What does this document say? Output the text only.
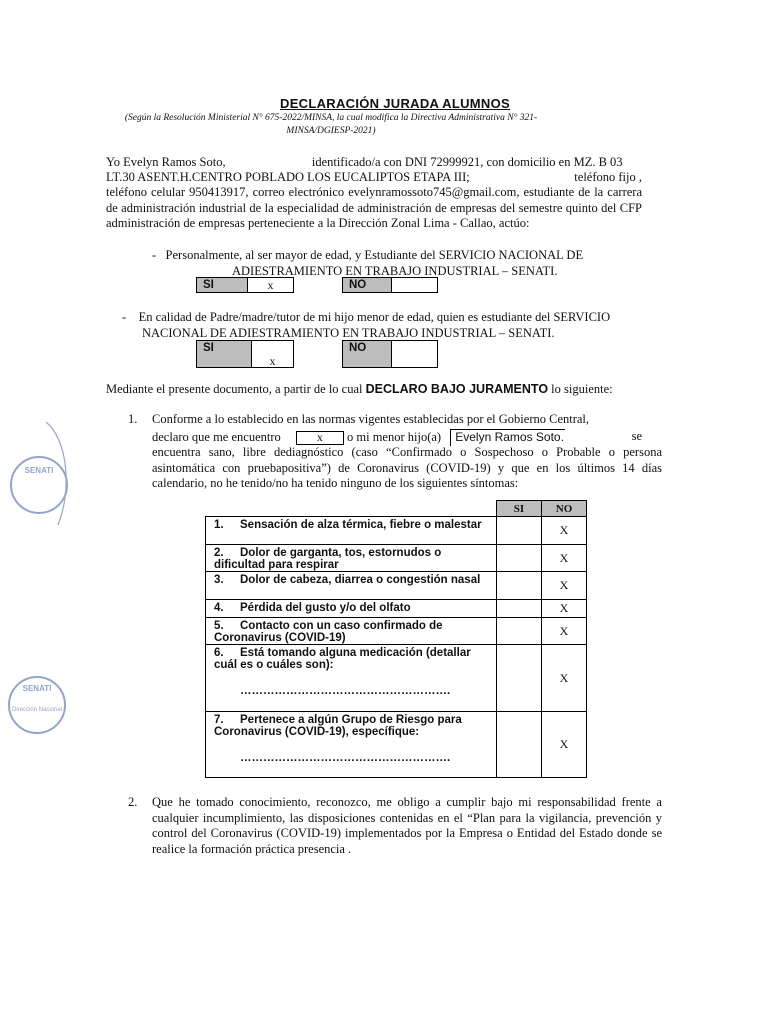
DECLARACIÓN JURADA ALUMNOS
(Según la Resolución Ministerial N° 675-2022/MINSA, la cual modifica la Directiva Administrativa N° 321-MINSA/DGIESP-2021)
Yo Evelyn Ramos Soto,	identificado/a con DNI 72999921, con domicilio en MZ. B 03
LT.30 ASENT.H.CENTRO POBLADO LOS EUCALIPTOS ETAPA III;	teléfono fijo ,
teléfono celular 950413917, correo electrónico evelynramossoto745@gmail.com, estudiante de la carrera de administración industrial de la especialidad de administración de empresas del semestre quinto del CFP administración de empresas perteneciente a la Dirección Zonal Lima - Callao, actúo:
- Personalmente, al ser mayor de edad, y Estudiante del SERVICIO NACIONAL DE
ADIESTRAMIENTO EN TRABAJO INDUSTRIAL – SENATI.
SI	x	NO
- En calidad de Padre/madre/tutor de mi hijo menor de edad, quien es estudiante del SERVICIO
NACIONAL DE ADIESTRAMIENTO EN TRABAJO INDUSTRIAL – SENATI.
SI
x
NO
Mediante el presente documento, a partir de lo cual DECLARO BAJO JURAMENTO lo siguiente:
1. Conforme a lo establecido en las normas vigentes establecidas por el Gobierno Central,
declaro que me encuentro	x o mi menor hijo(a) Evelyn Ramos Soto.	se
encuentra sano, libre dediagnóstico (caso “Confirmado o Sospechoso o Probable o persona asintomática con pruebapositiva”) de Coronavirus (COVID-19) y que en los últimos 14 días calendario, no he tenido/no ha tenido ninguno de los siguientes síntomas:
	SI	NO
1. Sensación de alza térmica, fiebre o malestar		X
2. Dolor de garganta, tos, estornudos o dificultad para respirar		X
3. Dolor de cabeza, diarrea o congestión nasal		X
4. Pérdida del gusto y/o del olfato		X
5. Contacto con un caso confirmado de Coronavirus (COVID-19)		X
6. Está tomando alguna medicación (detallar cuál es o cuáles son):
……………………………………………….		X
7. Pertenece a algún Grupo de Riesgo para Coronavirus (COVID-19), específique:
……………………………………………….		X
2. Que he tomado conocimiento, reconozco, me obligo a cumplir bajo mi responsabilidad frente a cualquier incumplimiento, las disposiciones contenidas en el “Plan para la vigilancia, prevención y control del Coronavirus (COVID-19) implementados por la Empresa o Entidad del Estado donde se realice la formación práctica presencia .
SENATI
SENATI
Dirección Nacional
